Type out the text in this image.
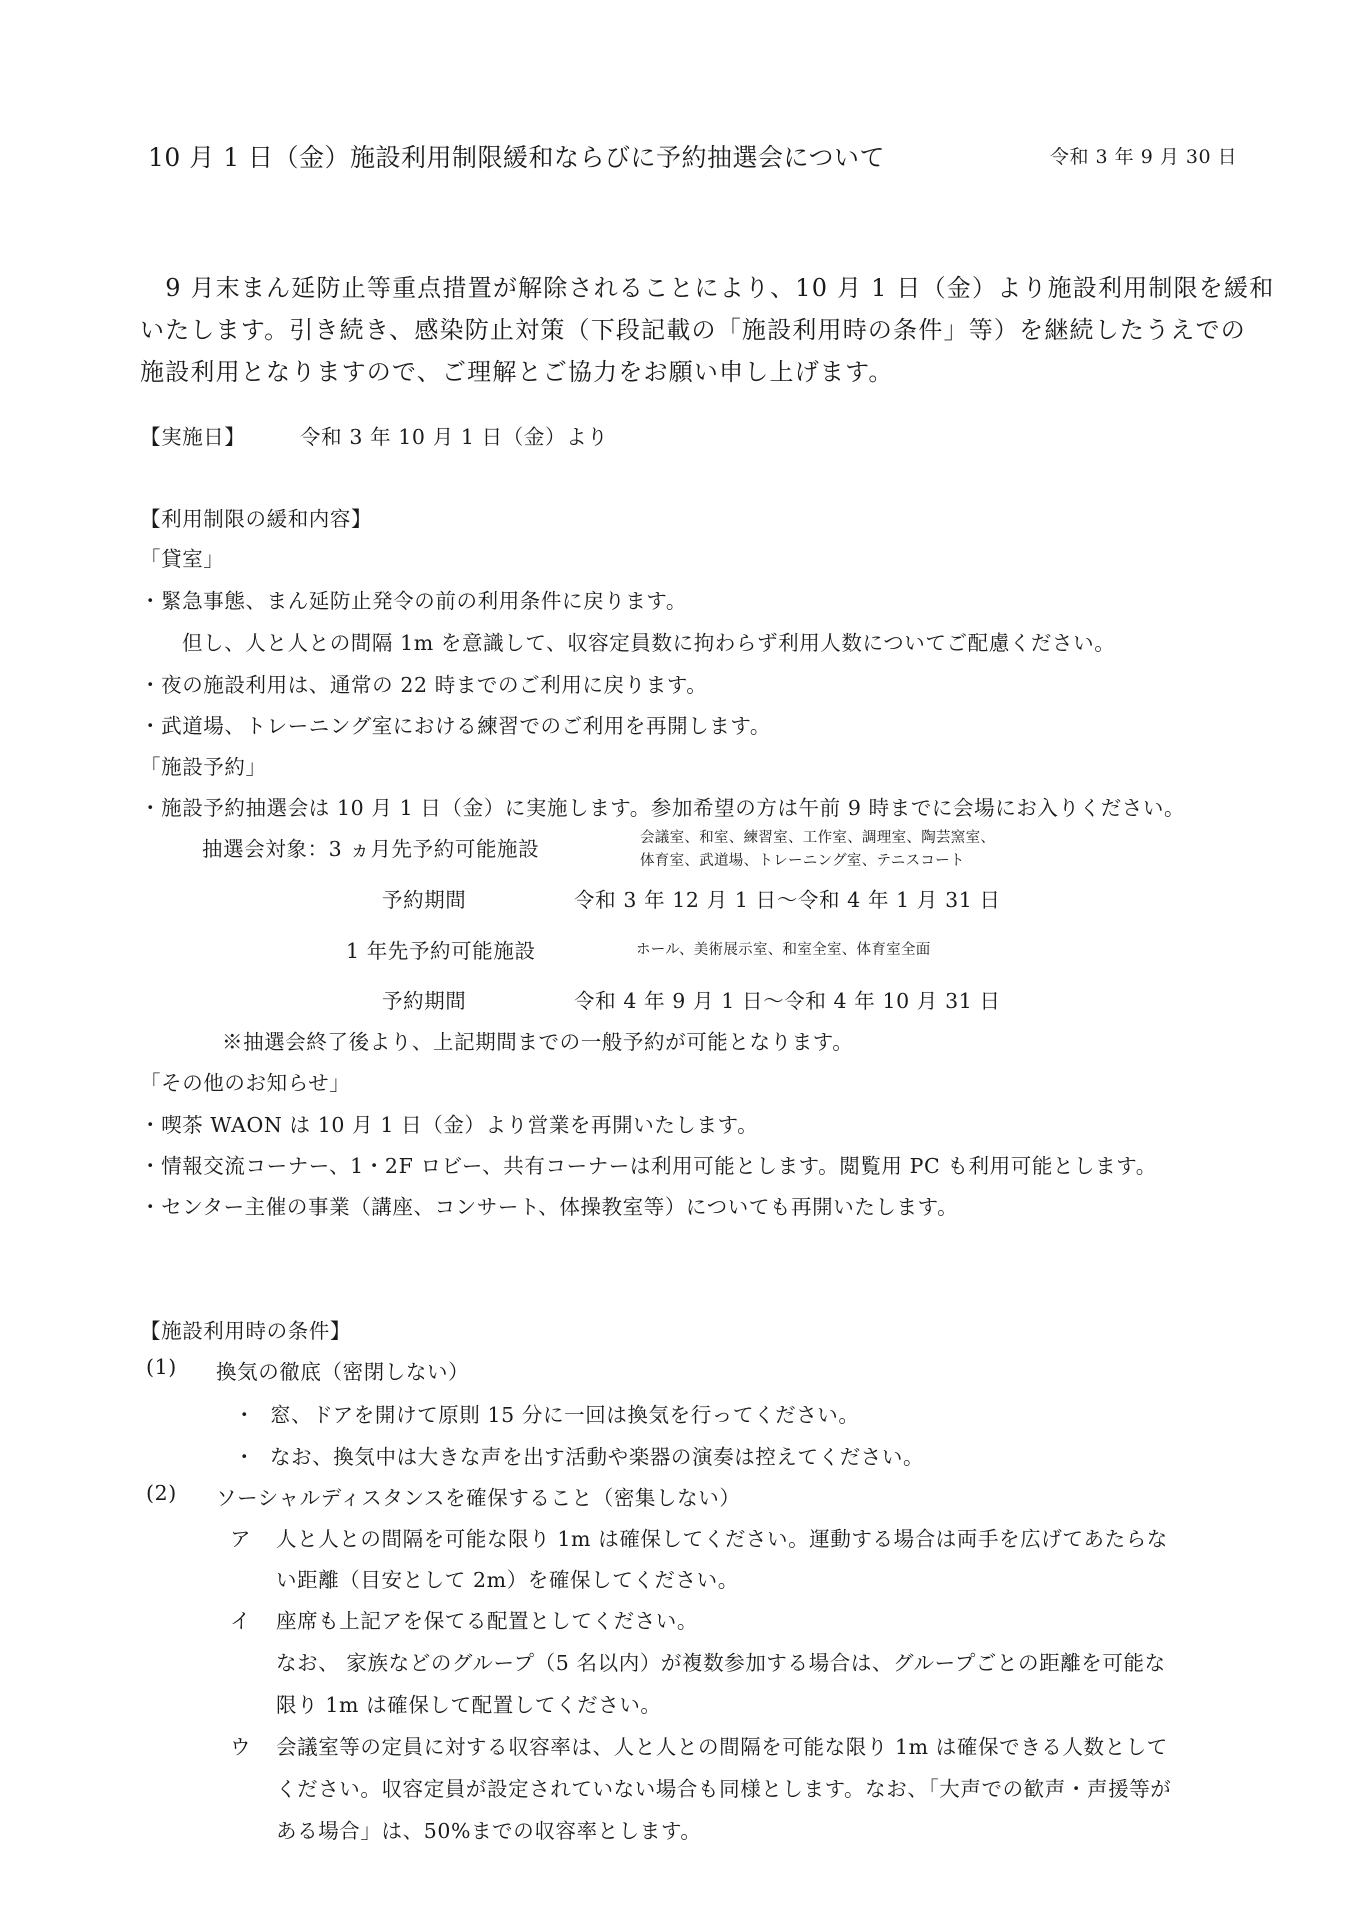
10 月 1 日（金）施設利用制限緩和ならびに予約抽選会について	令和 3 年 9 月 30 日
　9 月末まん延防止等重点措置が解除されることにより、10 月 1 日（金）より施設利用制限を緩和
いたします。引き続き、感染防止対策（下段記載の「施設利用時の条件」等）を継続したうえでの
施設利用となりますので、ご理解とご協力をお願い申し上げます。
【実施日】	令和 3 年 10 月 1 日（金）より
【利用制限の緩和内容】
「貸室」
・緊急事態、まん延防止発令の前の利用条件に戻ります。
但し、人と人との間隔 1m を意識して、収容定員数に拘わらず利用人数についてご配慮ください。
・夜の施設利用は、通常の 22 時までのご利用に戻ります。
・武道場、トレーニング室における練習でのご利用を再開します。
「施設予約」
・施設予約抽選会は 10 月 1 日（金）に実施します。参加希望の方は午前 9 時までに会場にお入りください。
抽選会対象：3 ヵ月先予約可能施設	会議室、和室、練習室、工作室、調理室、陶芸窯室、
体育室、武道場、トレーニング室、テニスコート
予約期間	令和 3 年 12 月 1 日～令和 4 年 1 月 31 日
1 年先予約可能施設	ホール、美術展示室、和室全室、体育室全面
予約期間	令和 4 年 9 月 1 日～令和 4 年 10 月 31 日
※抽選会終了後より、上記期間までの一般予約が可能となります。
「その他のお知らせ」
・喫茶 WAON は 10 月 1 日（金）より営業を再開いたします。
・情報交流コーナー、1・2F ロビー、共有コーナーは利用可能とします。閲覧用 PC も利用可能とします。
・センター主催の事業（講座、コンサート、体操教室等）についても再開いたします。
【施設利用時の条件】
(1) 換気の徹底（密閉しない）
・ 窓、ドアを開けて原則 15 分に一回は換気を行ってください。
・ なお、換気中は大きな声を出す活動や楽器の演奏は控えてください。
(2) ソーシャルディスタンスを確保すること（密集しない）
ア 人と人との間隔を可能な限り 1m は確保してください。運動する場合は両手を広げてあたらな
い距離（目安として 2m）を確保してください。
イ 座席も上記アを保てる配置としてください。
なお、 家族などのグループ（5 名以内）が複数参加する場合は、グループごとの距離を可能な
限り 1m は確保して配置してください。
ウ 会議室等の定員に対する収容率は、人と人との間隔を可能な限り 1m は確保できる人数として
ください。収容定員が設定されていない場合も同様とします。なお、「大声での歓声・声援等が
ある場合」は、50%までの収容率とします。
